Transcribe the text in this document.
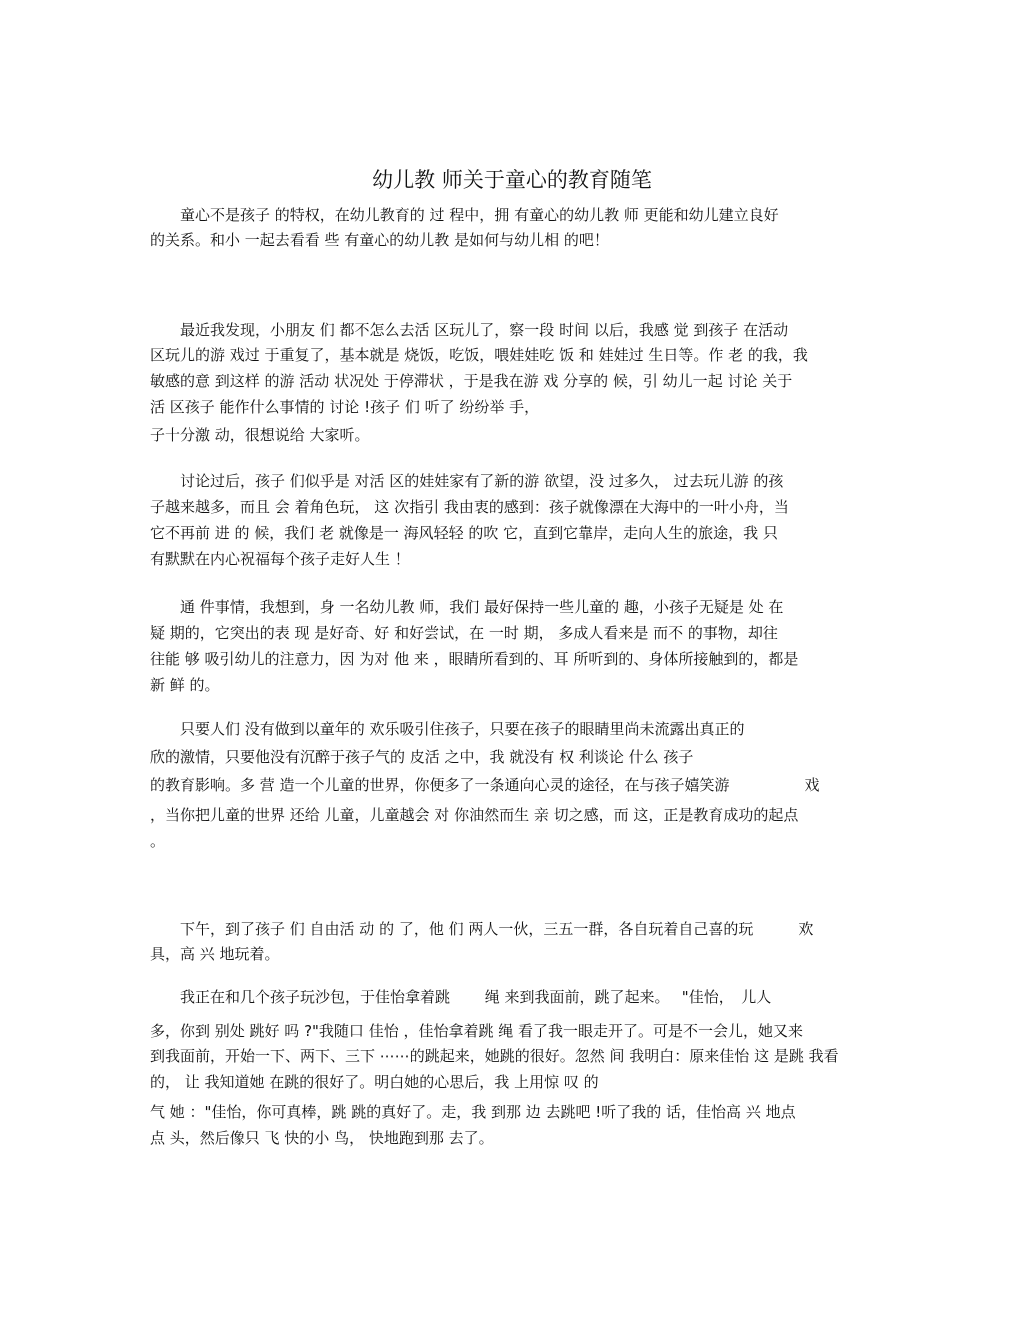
幼儿教 师关于童心的教育随笔
　　童心不是孩子 的特权，在幼儿教育的 过 程中，拥 有童心的幼儿教 师 更能和幼儿建立良好
的关系。和小 一起去看看 些 有童心的幼儿教 是如何与幼儿相 的吧！
　　最近我发现，小朋友 们 都不怎么去活 区玩儿了，察一段 时间 以后，我感 觉 到孩子 在活动
区玩儿的游 戏过 于重复了，基本就是 烧饭，吃饭，喂娃娃吃 饭 和 娃娃过 生日等。作 老 的我，我
敏感的意 到这样 的游 活动 状况处 于停滞状 ，于是我在游 戏 分享的 候，引 幼儿一起 讨论 关于
活 区孩子 能作什么事情的 讨论 !孩子 们 听了 纷纷举 手，
子十分激 动，很想说给 大家听。
　　讨论过后，孩子 们似乎是 对活 区的娃娃家有了新的游 欲望，没 过多久， 过去玩儿游 的孩
子越来越多，而且 会 着角色玩， 这 次指引 我由衷的感到：孩子就像漂在大海中的一叶小舟，当
它不再前 进 的 候，我们 老 就像是一 海风轻轻 的吹 它，直到它靠岸，走向人生的旅途，我 只
有默默在内心祝福每个孩子走好人生 ！
　　通 件事情，我想到，身 一名幼儿教 师，我们 最好保持一些儿童的 趣，小孩子无疑是 处 在
疑 期的，它突出的表 现 是好奇、好 和好尝试，在 一时 期， 多成人看来是 而不 的事物，却往
往能 够 吸引幼儿的注意力，因 为对 他 来 ，眼睛所看到的、耳 所听到的、身体所接触到的，都是
新 鲜 的。
　　只要人们 没有做到以童年的 欢乐吸引住孩子，只要在孩子的眼睛里尚未流露出真正的
欣的激情，只要他没有沉醉于孩子气的 皮活 之中，我 就没有 权 利谈论 什么 孩子
的教育影响。多 营 造一个儿童的世界，你便多了一条通向心灵的途径，在与孩子嬉笑游　　　　　戏
，当你把儿童的世界 还给 儿童，儿童越会 对 你油然而生 亲 切之感，而 这，正是教育成功的起点
。
　　下午，到了孩子 们 自由活 动 的 了，他 们 两人一伙，三五一群，各自玩着自己喜的玩　　　欢
具，高 兴 地玩着。
　　我正在和几个孩子玩沙包，于佳怡拿着跳　　 绳 来到我面前，跳了起来。　 "佳怡，　儿人
多，你到 别处 跳好 吗 ?"我随口 佳怡 ，佳怡拿着跳 绳 看了我一眼走开了。可是不一会儿，她又来
到我面前，开始一下、两下、三下 ⋯⋯的跳起来，她跳的很好。忽然 间 我明白：原来佳怡 这 是跳 我看
的， 让 我知道她 在跳的很好了。明白她的心思后，我 上用惊 叹 的
气 她 ："佳怡，你可真棒，跳 跳的真好了。走，我 到那 边 去跳吧 !听了我的 话，佳怡高 兴 地点
点 头，然后像只 飞 快的小 鸟， 快地跑到那 去了。
